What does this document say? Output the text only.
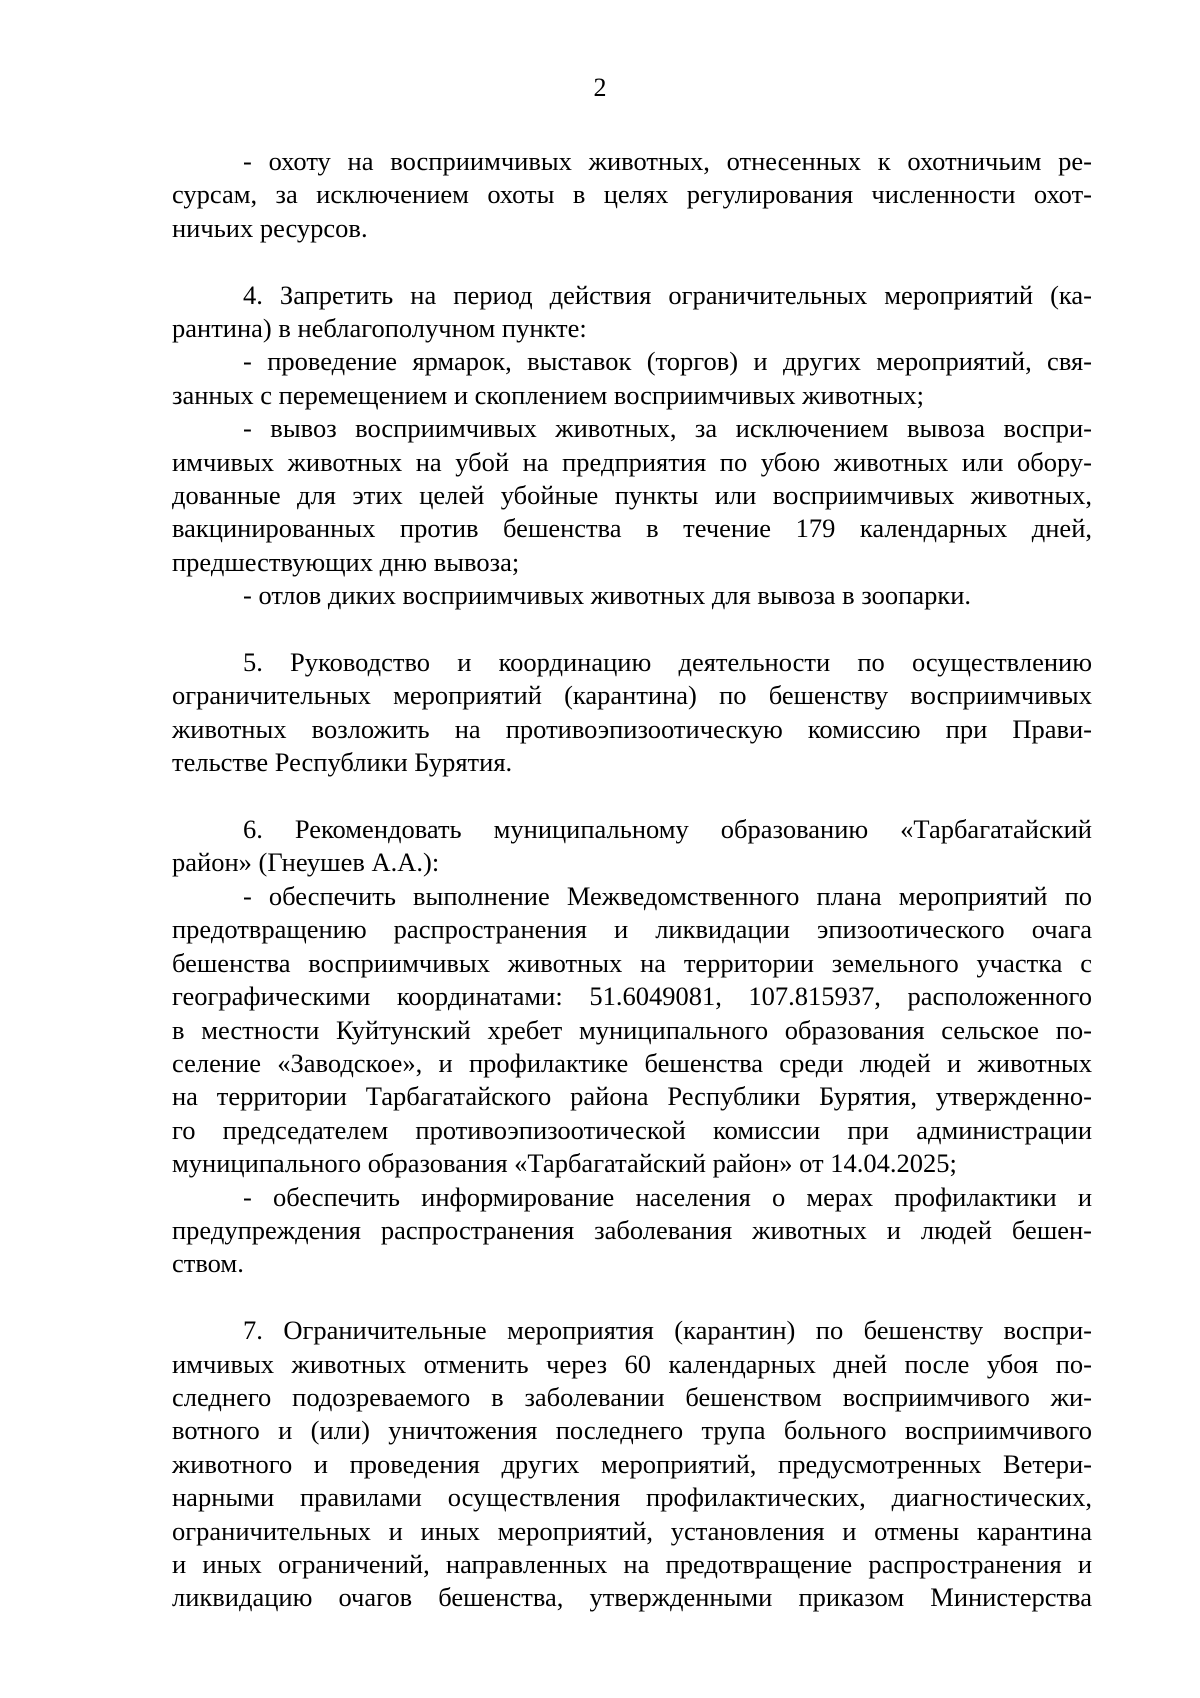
2
- охоту на восприимчивых животных, отнесенных к охотничьим ре-
сурсам, за исключением охоты в целях регулирования численности охот-
ничьих ресурсов.
4. Запретить на период действия ограничительных мероприятий (ка-
рантина) в неблагополучном пункте:
- проведение ярмарок, выставок (торгов) и других мероприятий, свя-
занных с перемещением и скоплением восприимчивых животных;
- вывоз восприимчивых животных, за исключением вывоза воспри-
имчивых животных на убой на предприятия по убою животных или обору-
дованные для этих целей убойные пункты или восприимчивых животных,
вакцинированных против бешенства в течение 179 календарных дней,
предшествующих дню вывоза;
- отлов диких восприимчивых животных для вывоза в зоопарки.
5. Руководство и координацию деятельности по осуществлению
ограничительных мероприятий (карантина) по бешенству восприимчивых
животных возложить на противоэпизоотическую комиссию при Прави-
тельстве Республики Бурятия.
6. Рекомендовать муниципальному образованию «Тарбагатайский
район» (Гнеушев А.А.):
- обеспечить выполнение Межведомственного плана мероприятий по
предотвращению распространения и ликвидации эпизоотического очага
бешенства восприимчивых животных на территории земельного участка с
географическими координатами: 51.6049081, 107.815937, расположенного
в местности Куйтунский хребет муниципального образования сельское по-
селение «Заводское», и профилактике бешенства среди людей и животных
на территории Тарбагатайского района Республики Бурятия, утвержденно-
го председателем противоэпизоотической комиссии при администрации
муниципального образования «Тарбагатайский район» от 14.04.2025;
- обеспечить информирование населения о мерах профилактики и
предупреждения распространения заболевания животных и людей бешен-
ством.
7. Ограничительные мероприятия (карантин) по бешенству воспри-
имчивых животных отменить через 60 календарных дней после убоя по-
следнего подозреваемого в заболевании бешенством восприимчивого жи-
вотного и (или) уничтожения последнего трупа больного восприимчивого
животного и проведения других мероприятий, предусмотренных Ветери-
нарными правилами осуществления профилактических, диагностических,
ограничительных и иных мероприятий, установления и отмены карантина
и иных ограничений, направленных на предотвращение распространения и
ликвидацию очагов бешенства, утвержденными приказом Министерства
